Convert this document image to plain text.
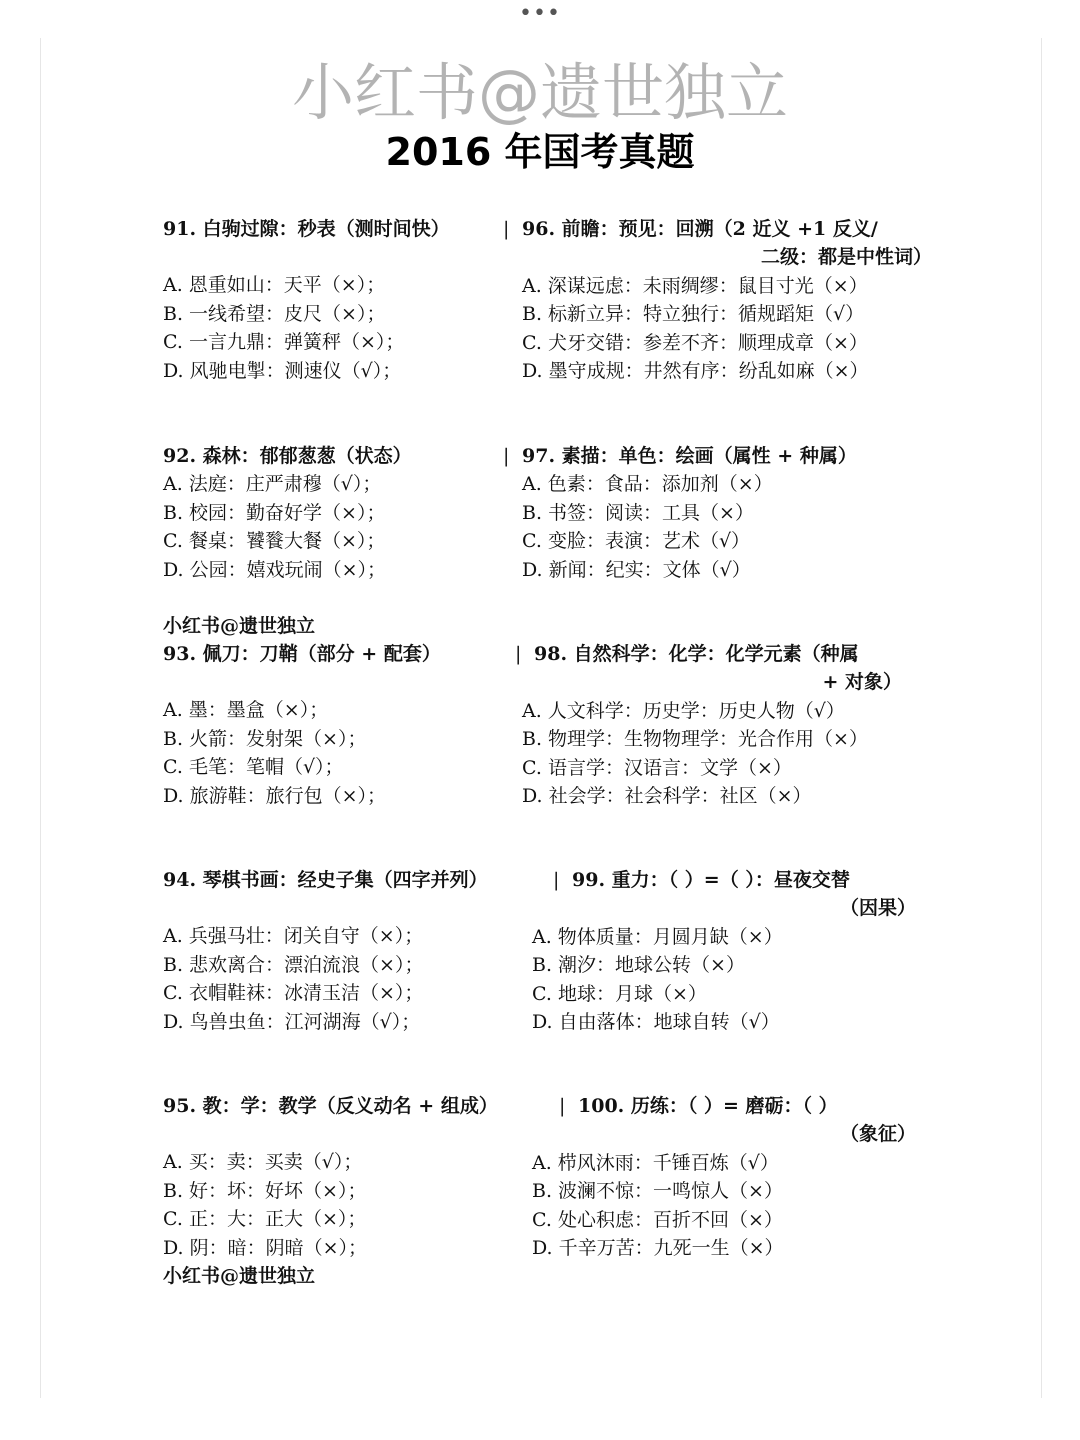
•••
小红书@遗世独立
2016 年国考真题
91. 白驹过隙：秒表（测时间快）
A. 恩重如山：天平（×）；
B. 一线希望：皮尺（×）；
C. 一言九鼎：弹簧秤（×）；
D. 风驰电掣：测速仪（√）；
| 96. 前瞻：预见：回溯（2 近义 +1 反义/
二级：都是中性词）
A. 深谋远虑：未雨绸缪：鼠目寸光（×）
B. 标新立异：特立独行：循规蹈矩（√）
C. 犬牙交错：参差不齐：顺理成章（×）
D. 墨守成规：井然有序：纷乱如麻（×）
92. 森林：郁郁葱葱（状态）
A. 法庭：庄严肃穆（√）；
B. 校园：勤奋好学（×）；
C. 餐桌：饕餮大餐（×）；
D. 公园：嬉戏玩闹（×）；
| 97. 素描：单色：绘画（属性 + 种属）
A. 色素：食品：添加剂（×）
B. 书签：阅读：工具（×）
C. 变脸：表演：艺术（√）
D. 新闻：纪实：文体（√）
小红书@遗世独立
93. 佩刀：刀鞘（部分 + 配套）
A. 墨：墨盒（×）；
B. 火箭：发射架（×）；
C. 毛笔：笔帽（√）；
D. 旅游鞋：旅行包（×）；
| 98. 自然科学：化学：化学元素（种属
+ 对象）
A. 人文科学：历史学：历史人物（√）
B. 物理学：生物物理学：光合作用（×）
C. 语言学：汉语言：文学（×）
D. 社会学：社会科学：社区（×）
94. 琴棋书画：经史子集（四字并列）
A. 兵强马壮：闭关自守（×）；
B. 悲欢离合：漂泊流浪（×）；
C. 衣帽鞋袜：冰清玉洁（×）；
D. 鸟兽虫鱼：江河湖海（√）；
| 99. 重力：（ ）=（ ）：昼夜交替
（因果）
A. 物体质量：月圆月缺（×）
B. 潮汐：地球公转（×）
C. 地球：月球（×）
D. 自由落体：地球自转（√）
95. 教：学：教学（反义动名 + 组成）
A. 买：卖：买卖（√）；
B. 好：坏：好坏（×）；
C. 正：大：正大（×）；
D. 阴：暗：阴暗（×）；
| 100. 历练：（ ）= 磨砺：（ ）
（象征）
A. 栉风沐雨：千锤百炼（√）
B. 波澜不惊：一鸣惊人（×）
C. 处心积虑：百折不回（×）
D. 千辛万苦：九死一生（×）
小红书@遗世独立
